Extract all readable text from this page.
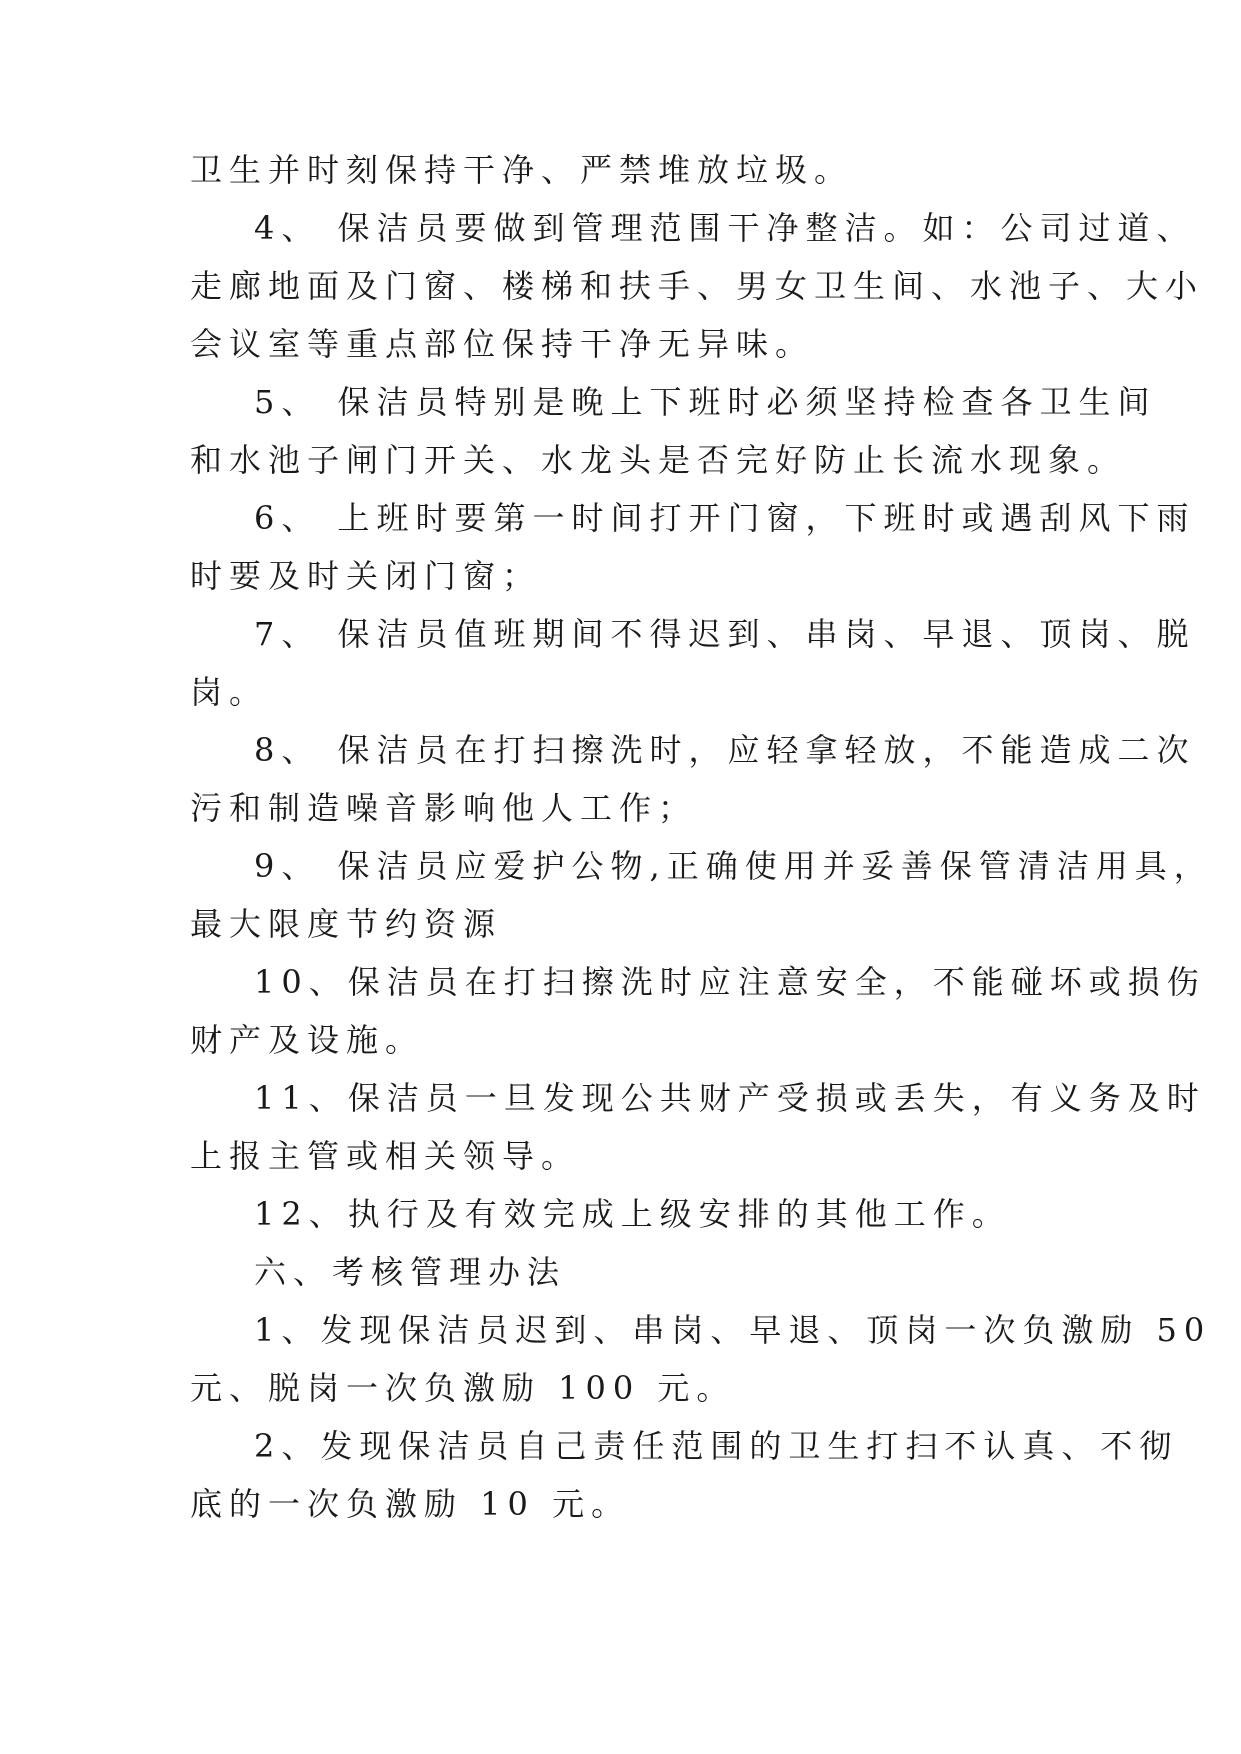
卫生并时刻保持干净、严禁堆放垃圾。
4、 保洁员要做到管理范围干净整洁。如：公司过道、
走廊地面及门窗、楼梯和扶手、男女卫生间、水池子、大小
会议室等重点部位保持干净无异味。
5、 保洁员特别是晚上下班时必须坚持检查各卫生间
和水池子闸门开关、水龙头是否完好防止长流水现象。
6、 上班时要第一时间打开门窗，下班时或遇刮风下雨
时要及时关闭门窗；
7、 保洁员值班期间不得迟到、串岗、早退、顶岗、脱
岗。
8、 保洁员在打扫擦洗时，应轻拿轻放，不能造成二次
污和制造噪音影响他人工作；
9、 保洁员应爱护公物,正确使用并妥善保管清洁用具，
最大限度节约资源
10、保洁员在打扫擦洗时应注意安全，不能碰坏或损伤
财产及设施。
11、保洁员一旦发现公共财产受损或丢失，有义务及时
上报主管或相关领导。
12、执行及有效完成上级安排的其他工作。
六、考核管理办法
1、发现保洁员迟到、串岗、早退、顶岗一次负激励 50
元、脱岗一次负激励 100 元。
2、发现保洁员自己责任范围的卫生打扫不认真、不彻
底的一次负激励 10 元。
